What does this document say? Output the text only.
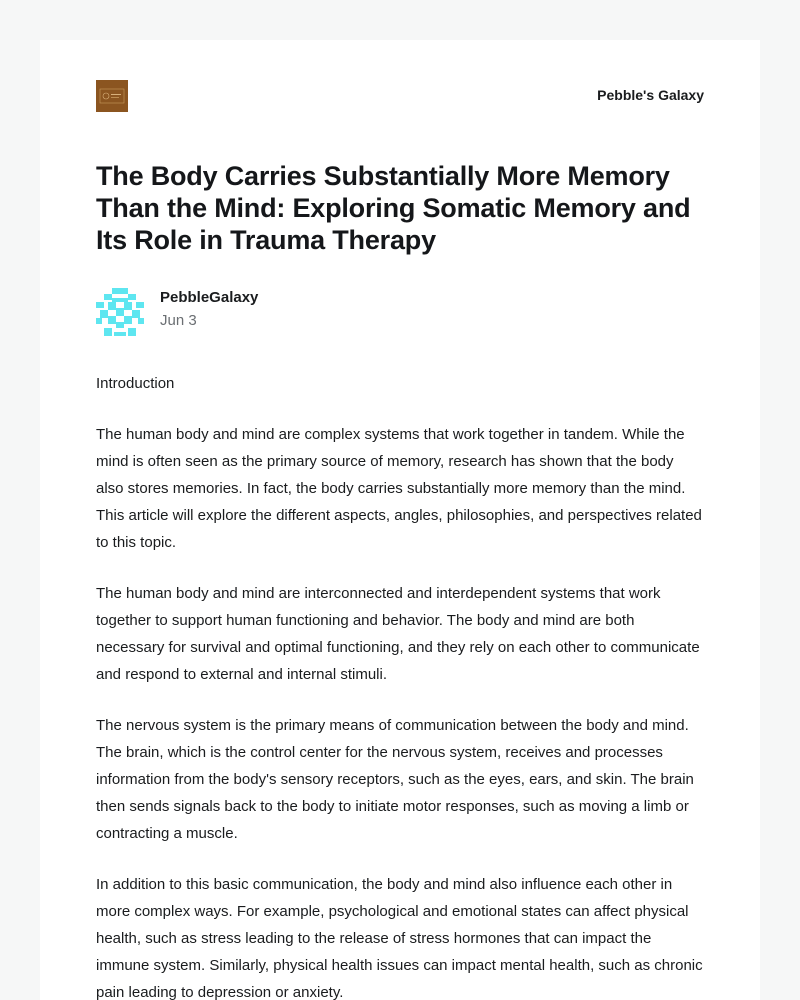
Pebble's Galaxy
The Body Carries Substantially More Memory Than the Mind: Exploring Somatic Memory and Its Role in Trauma Therapy
PebbleGalaxy
Jun 3

Introduction

The human body and mind are complex systems that work together in tandem. While the mind is often seen as the primary source of memory, research has shown that the body also stores memories. In fact, the body carries substantially more memory than the mind. This article will explore the different aspects, angles, philosophies, and perspectives related to this topic.

The human body and mind are interconnected and interdependent systems that work together to support human functioning and behavior. The body and mind are both necessary for survival and optimal functioning, and they rely on each other to communicate and respond to external and internal stimuli.

The nervous system is the primary means of communication between the body and mind. The brain, which is the control center for the nervous system, receives and processes information from the body's sensory receptors, such as the eyes, ears, and skin. The brain then sends signals back to the body to initiate motor responses, such as moving a limb or contracting a muscle.

In addition to this basic communication, the body and mind also influence each other in more complex ways. For example, psychological and emotional states can affect physical health, such as stress leading to the release of stress hormones that can impact the immune system. Similarly, physical health issues can impact mental health, such as chronic pain leading to depression or anxiety.
